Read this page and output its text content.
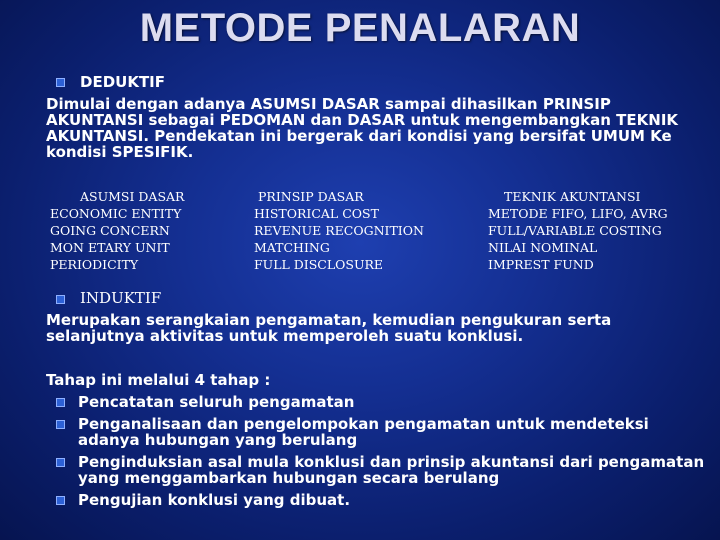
METODE PENALARAN
DEDUKTIF
Dimulai dengan adanya ASUMSI DASAR sampai dihasilkan PRINSIP AKUNTANSI sebagai PEDOMAN dan DASAR untuk mengembangkan TEKNIK AKUNTANSI. Pendekatan ini bergerak dari kondisi yang bersifat UMUM Ke kondisi SPESIFIK.
ASUMSI DASAR
ECONOMIC ENTITY
GOING CONCERN
MON ETARY UNIT
PERIODICITY
PRINSIP DASAR
HISTORICAL COST
REVENUE RECOGNITION
MATCHING
FULL DISCLOSURE
TEKNIK AKUNTANSI
METODE FIFO, LIFO, AVRG
FULL/VARIABLE COSTING
NILAI NOMINAL
IMPREST FUND
INDUKTIF
Merupakan serangkaian pengamatan, kemudian pengukuran serta selanjutnya aktivitas untuk memperoleh suatu konklusi.
Tahap ini melalui 4 tahap :
Pencatatan seluruh pengamatan
Penganalisaan dan pengelompokan pengamatan untuk mendeteksi adanya hubungan yang berulang
Penginduksian asal mula konklusi dan prinsip akuntansi dari pengamatan yang menggambarkan hubungan secara berulang
Pengujian konklusi yang dibuat.
